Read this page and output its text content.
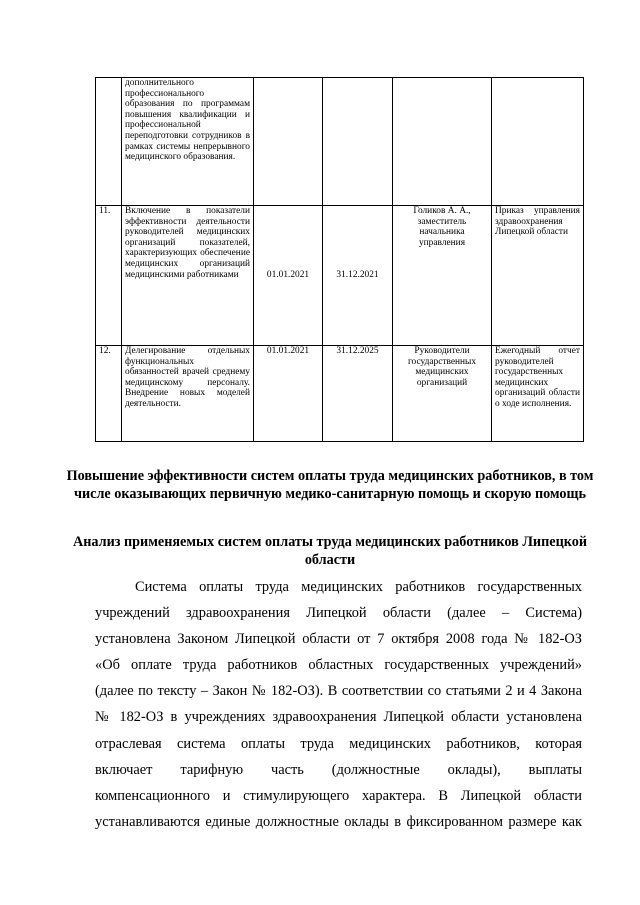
	дополнительного профессионального образования по программам повышения квалификации и профессиональной переподготовки сотрудников в рамках системы непрерывного медицинского образования.				
11.	Включение в показатели эффективности деятельности руководителей медицинских организаций показателей, характеризующих обеспечение медицинских организаций медицинскими работниками	01.01.2021	31.12.2021	Голиков А. А., заместитель начальника управления	Приказ управления здравоохранения Липецкой области
12.	Делегирование отдельных функциональных обязанностей врачей среднему медицинскому персоналу. Внедрение новых моделей деятельности.	01.01.2021	31.12.2025	Руководители государственных медицинских организаций	Ежегодный отчет руководителей государственных медицинских организаций области о ходе исполнения.
Повышение эффективности систем оплаты труда медицинских работников, в том числе оказывающих первичную медико-санитарную помощь и скорую помощь
Анализ применяемых систем оплаты труда медицинских работников Липецкой области
Система оплаты труда медицинских работников государственных
учреждений здравоохранения Липецкой области (далее – Система)
установлена Законом Липецкой области от 7 октября 2008 года № 182-ОЗ
«Об оплате труда работников областных государственных учреждений»
(далее по тексту – Закон № 182-ОЗ). В соответствии со статьями 2 и 4 Закона
№ 182-ОЗ в учреждениях здравоохранения Липецкой области установлена
отраслевая система оплаты труда медицинских работников, которая
включает тарифную часть (должностные оклады), выплаты
компенсационного и стимулирующего характера. В Липецкой области
устанавливаются единые должностные оклады в фиксированном размере как
